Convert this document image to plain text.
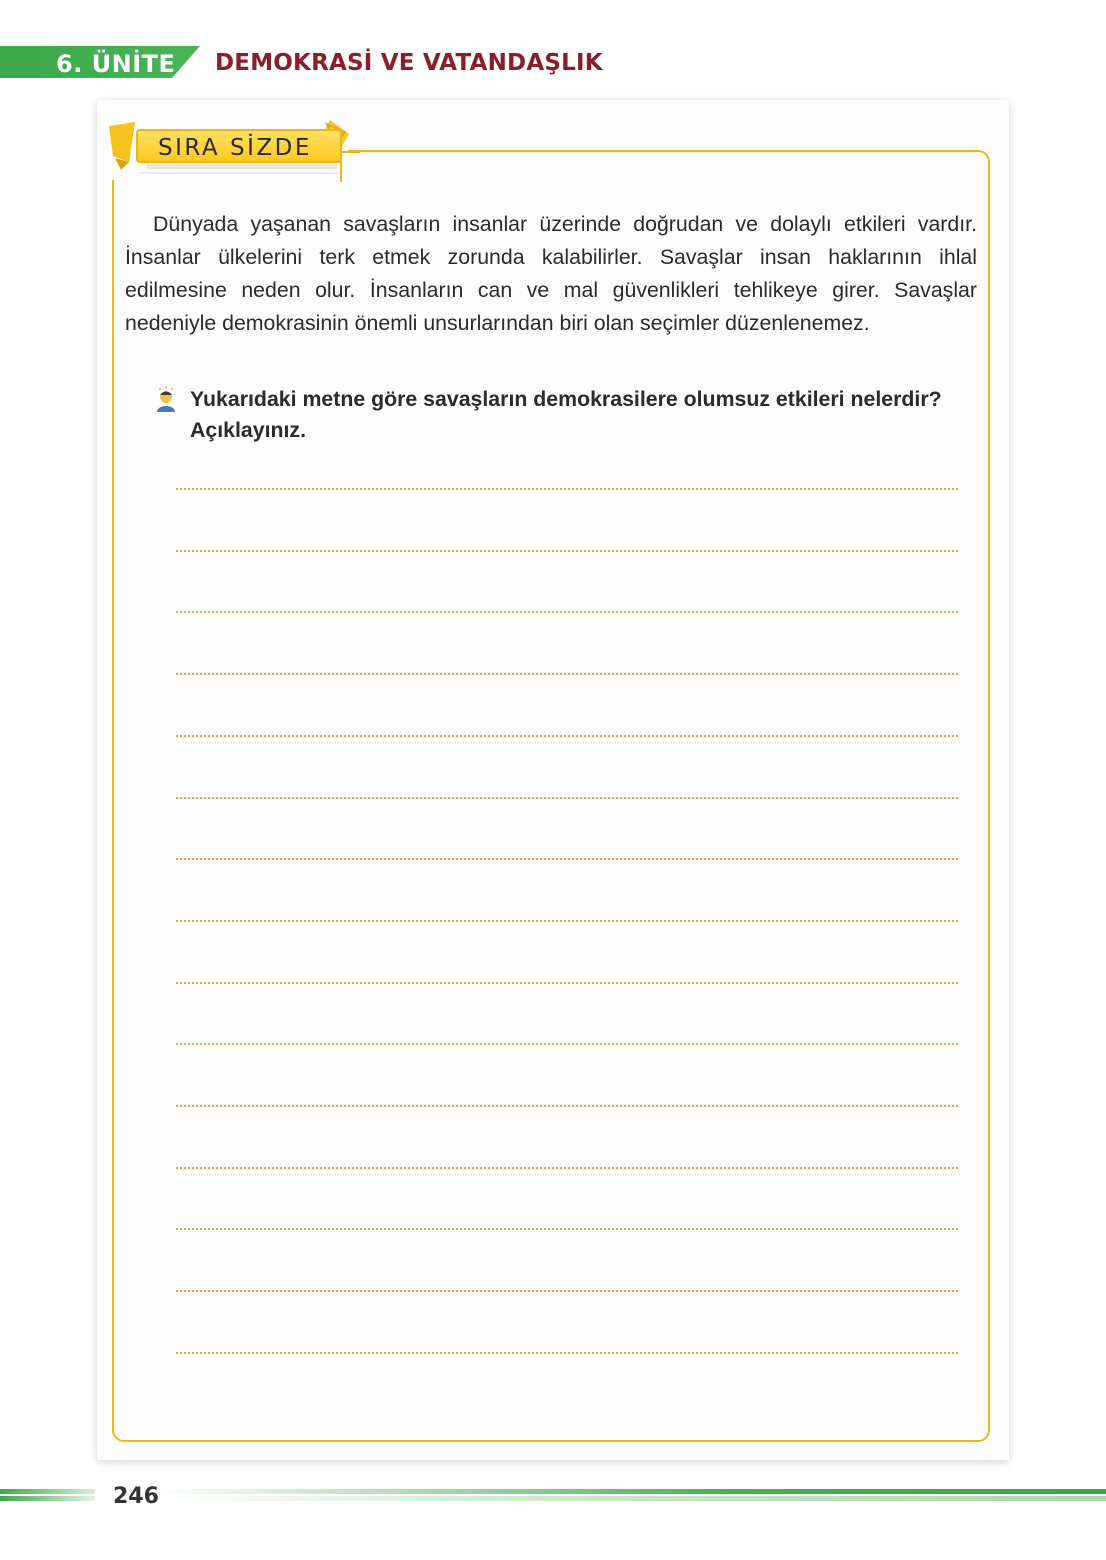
6. ÜNİTE DEMOKRASİ VE VATANDAŞLIK
SIRA SİZDE

Dünyada yaşanan savaşların insanlar üzerinde doğrudan ve dolaylı etkileri vardır. İnsanlar ülkelerini terk etmek zorunda kalabilirler. Savaşlar insan haklarının ihlal edilmesine neden olur. İnsanların can ve mal güvenlikleri tehlikeye girer. Savaşlar nedeniyle demokrasinin önemli unsurlarından biri olan seçimler düzenlenemez.

Yukarıdaki metne göre savaşların demokrasilere olumsuz etkileri nelerdir? Açıklayınız.
246
